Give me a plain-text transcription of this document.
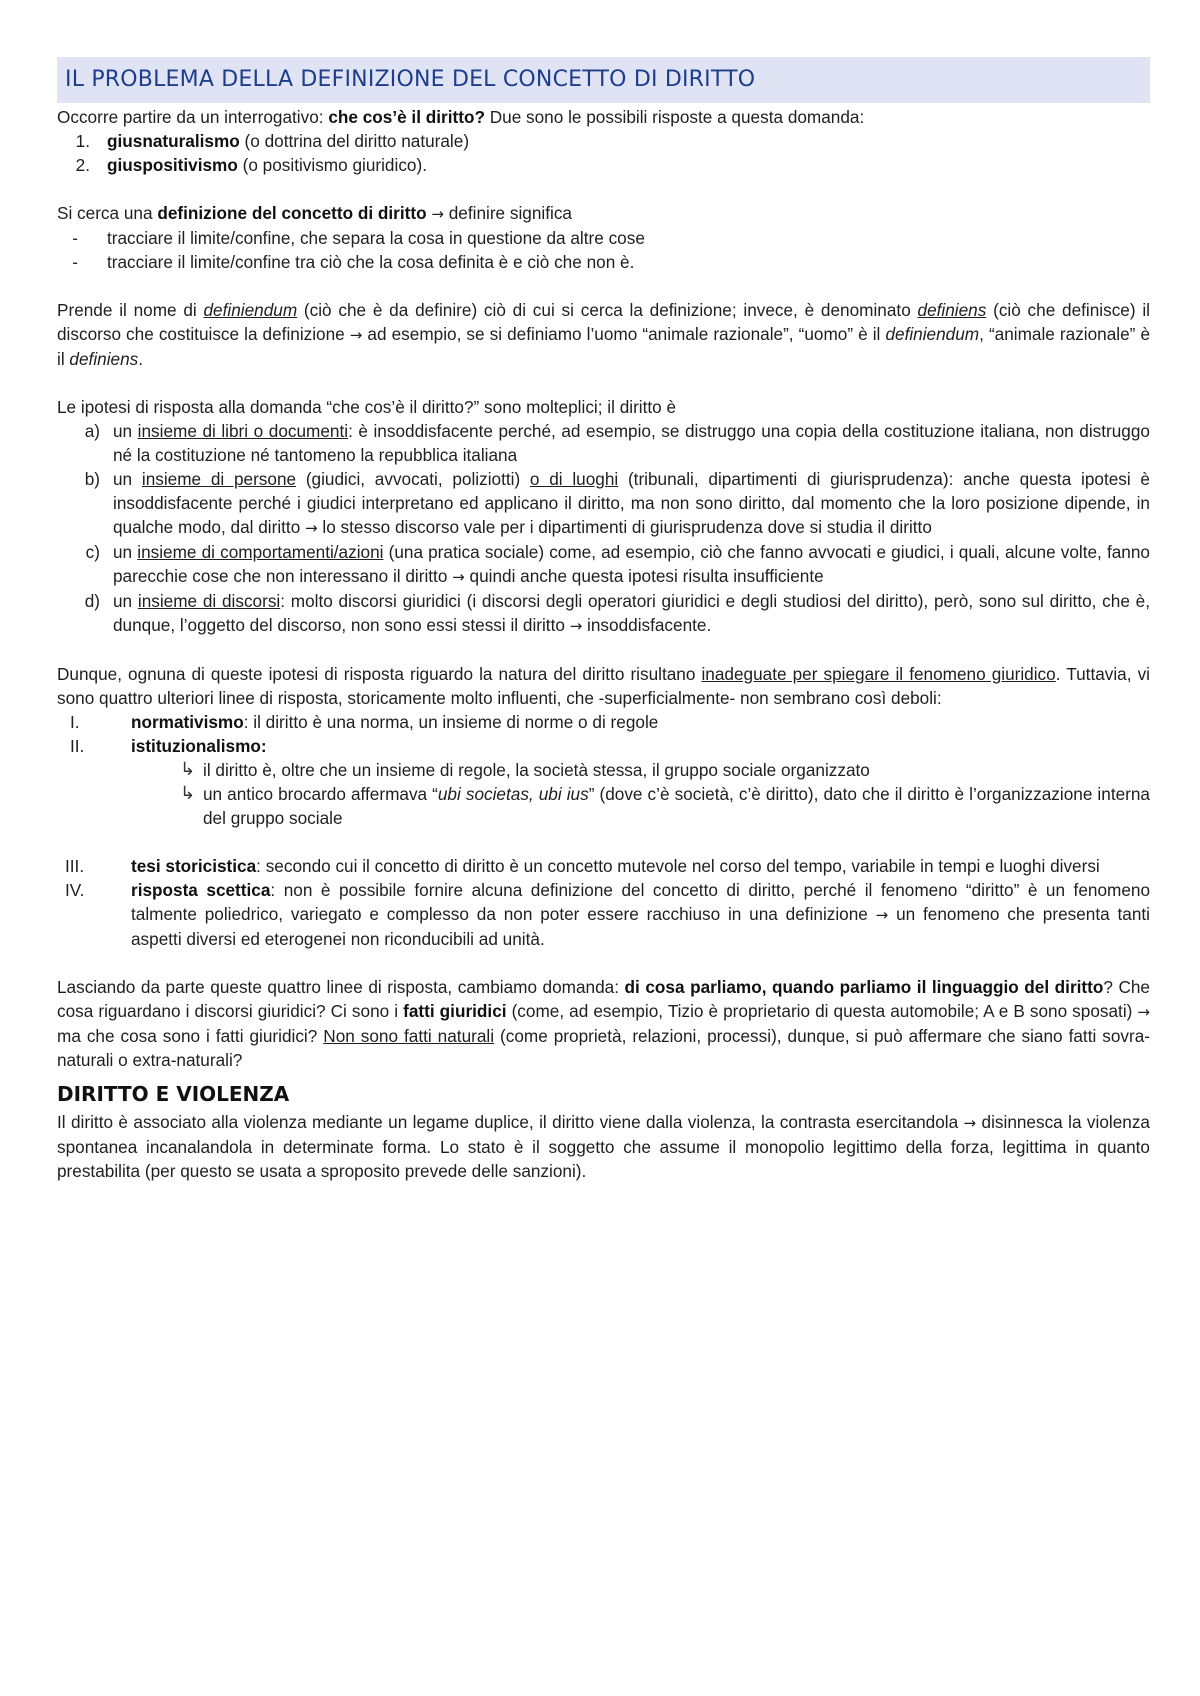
IL PROBLEMA DELLA DEFINIZIONE DEL CONCETTO DI DIRITTO

Occorre partire da un interrogativo: che cos’è il diritto? Due sono le possibili risposte a questa domanda:

1. giusnaturalismo (o dottrina del diritto naturale)
2. giuspositivismo (o positivismo giuridico).

Si cerca una definizione del concetto di diritto → definire significa

-	tracciare il limite/confine, che separa la cosa in questione da altre cose
-	tracciare il limite/confine tra ciò che la cosa definita è e ciò che non è.

Prende il nome di definiendum (ciò che è da definire) ciò di cui si cerca la definizione; invece, è denominato definiens (ciò che definisce) il discorso che costituisce la definizione → ad esempio, se si definiamo l’uomo “animale razionale”, “uomo” è il definiendum, “animale razionale” è il definiens.

Le ipotesi di risposta alla domanda “che cos’è il diritto?” sono molteplici; il diritto è

a) un insieme di libri o documenti: è insoddisfacente perché, ad esempio, se distruggo una copia della costituzione italiana, non distruggo né la costituzione né tantomeno la repubblica italiana
b) un insieme di persone (giudici, avvocati, poliziotti) o di luoghi (tribunali, dipartimenti di giurisprudenza): anche questa ipotesi è insoddisfacente perché i giudici interpretano ed applicano il diritto, ma non sono diritto, dal momento che la loro posizione dipende, in qualche modo, dal diritto → lo stesso discorso vale per i dipartimenti di giurisprudenza dove si studia il diritto
c) un insieme di comportamenti/azioni (una pratica sociale) come, ad esempio, ciò che fanno avvocati e giudici, i quali, alcune volte, fanno parecchie cose che non interessano il diritto → quindi anche questa ipotesi risulta insufficiente
d) un insieme di discorsi: molto discorsi giuridici (i discorsi degli operatori giuridici e degli studiosi del diritto), però, sono sul diritto, che è, dunque, l’oggetto del discorso, non sono essi stessi il diritto → insoddisfacente.

Dunque, ognuna di queste ipotesi di risposta riguardo la natura del diritto risultano inadeguate per spiegare il fenomeno giuridico. Tuttavia, vi sono quattro ulteriori linee di risposta, storicamente molto influenti, che -superficialmente- non sembrano così deboli:

I.	normativismo: il diritto è una norma, un insieme di norme o di regole
II.	istituzionalismo:
↳ il diritto è, oltre che un insieme di regole, la società stessa, il gruppo sociale organizzato
↳ un antico brocardo affermava “ubi societas, ubi ius” (dove c’è società, c’è diritto), dato che il diritto è l’organizzazione interna del gruppo sociale
III.	tesi storicistica: secondo cui il concetto di diritto è un concetto mutevole nel corso del tempo, variabile in tempi e luoghi diversi
IV.	risposta scettica: non è possibile fornire alcuna definizione del concetto di diritto, perché il fenomeno “diritto” è un fenomeno talmente poliedrico, variegato e complesso da non poter essere racchiuso in una definizione → un fenomeno che presenta tanti aspetti diversi ed eterogenei non riconducibili ad unità.

Lasciando da parte queste quattro linee di risposta, cambiamo domanda: di cosa parliamo, quando parliamo il linguaggio del diritto? Che cosa riguardano i discorsi giuridici? Ci sono i fatti giuridici (come, ad esempio, Tizio è proprietario di questa automobile; A e B sono sposati) → ma che cosa sono i fatti giuridici? Non sono fatti naturali (come proprietà, relazioni, processi), dunque, si può affermare che siano fatti sovra-naturali o extra-naturali?

DIRITTO E VIOLENZA

Il diritto è associato alla violenza mediante un legame duplice, il diritto viene dalla violenza, la contrasta esercitandola → disinnesca la violenza spontanea incanalandola in determinate forma. Lo stato è il soggetto che assume il monopolio legittimo della forza, legittima in quanto prestabilita (per questo se usata a sproposito prevede delle sanzioni).
